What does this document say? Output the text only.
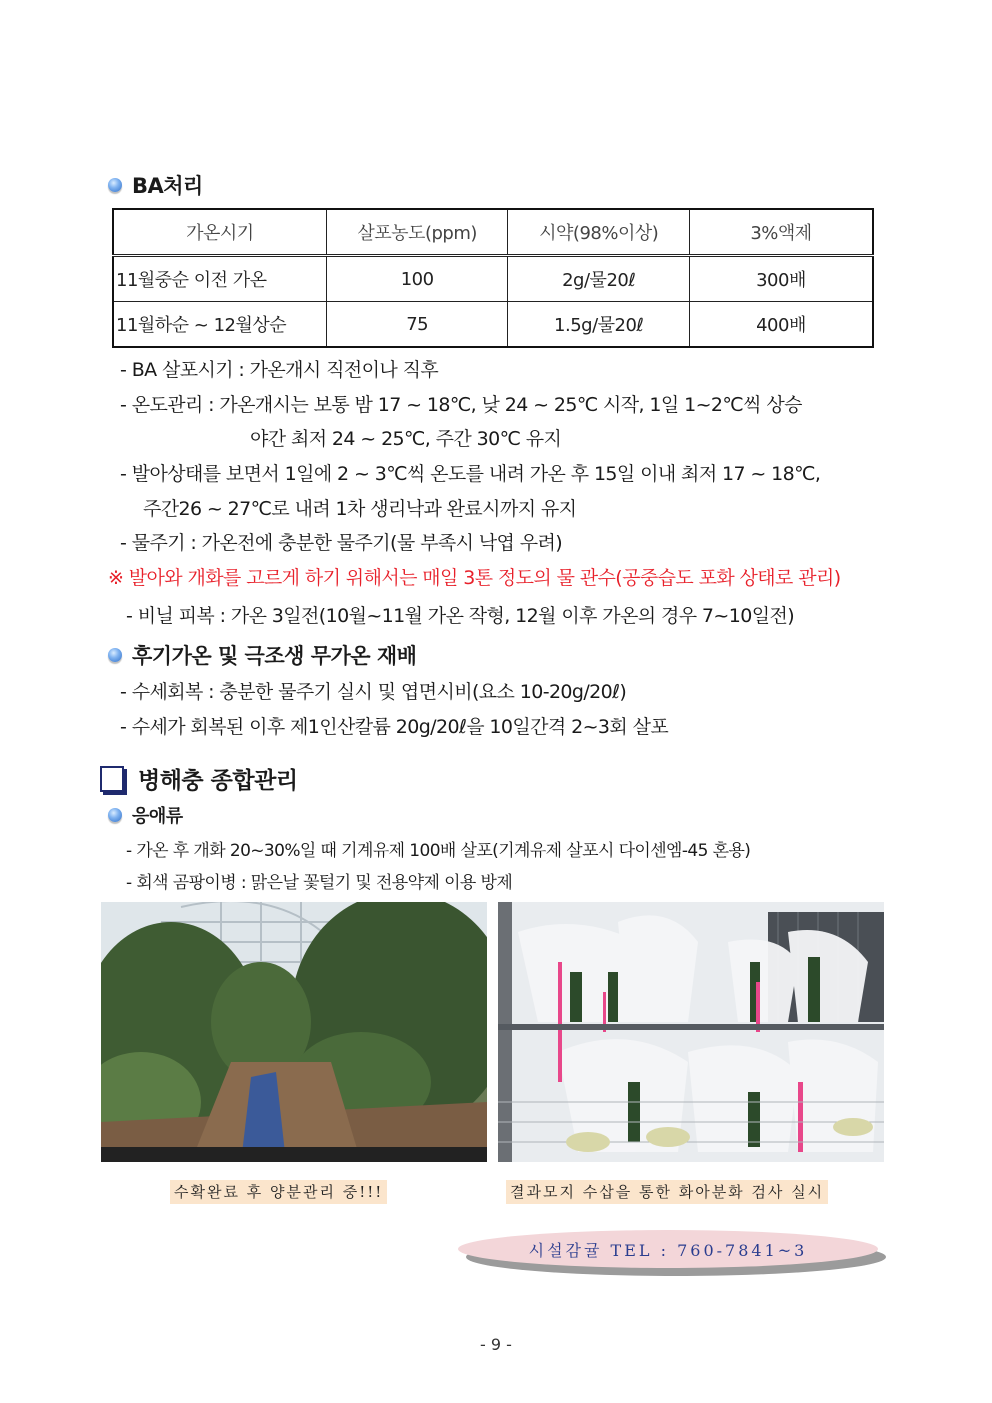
BA처리
가온시기	살포농도(ppm)	시약(98%이상)	3%액제
11월중순 이전 가온	100	2g/물20ℓ	300배
11월하순 ~ 12월상순	75	1.5g/물20ℓ	400배
- BA 살포시기 : 가온개시 직전이나 직후
- 온도관리 : 가온개시는 보통 밤 17 ~ 18℃, 낮 24 ~ 25℃ 시작, 1일 1~2℃씩 상승
야간 최저 24 ~ 25℃, 주간 30℃ 유지
- 발아상태를 보면서 1일에 2 ~ 3℃씩 온도를 내려 가온 후 15일 이내 최저 17 ~ 18℃,
주간26 ~ 27℃로 내려 1차 생리낙과 완료시까지 유지
- 물주기 : 가온전에 충분한 물주기(물 부족시 낙엽 우려)
※ 발아와 개화를 고르게 하기 위해서는 매일 3톤 정도의 물 관수(공중습도 포화 상태로 관리)
- 비닐 피복 : 가온 3일전(10월~11월 가온 작형, 12월 이후 가온의 경우 7~10일전)
후기가온 및 극조생 무가온 재배
- 수세회복 : 충분한 물주기 실시 및 엽면시비(요소 10-20g/20ℓ)
- 수세가 회복된 이후 제1인산칼륨 20g/20ℓ을 10일간격 2~3회 살포
병해충 종합관리
응애류
- 가온 후 개화 20~30%일 때 기계유제 100배 살포(기계유제 살포시 다이센엠-45 혼용)
- 회색 곰팡이병 : 맑은날 꽃털기 및 전용약제 이용 방제
수확완료 후 양분관리 중!!!	결과모지 수삽을 통한 화아분화 검사 실시
시설감귤 TEL : 760-7841~3
- 9 -
